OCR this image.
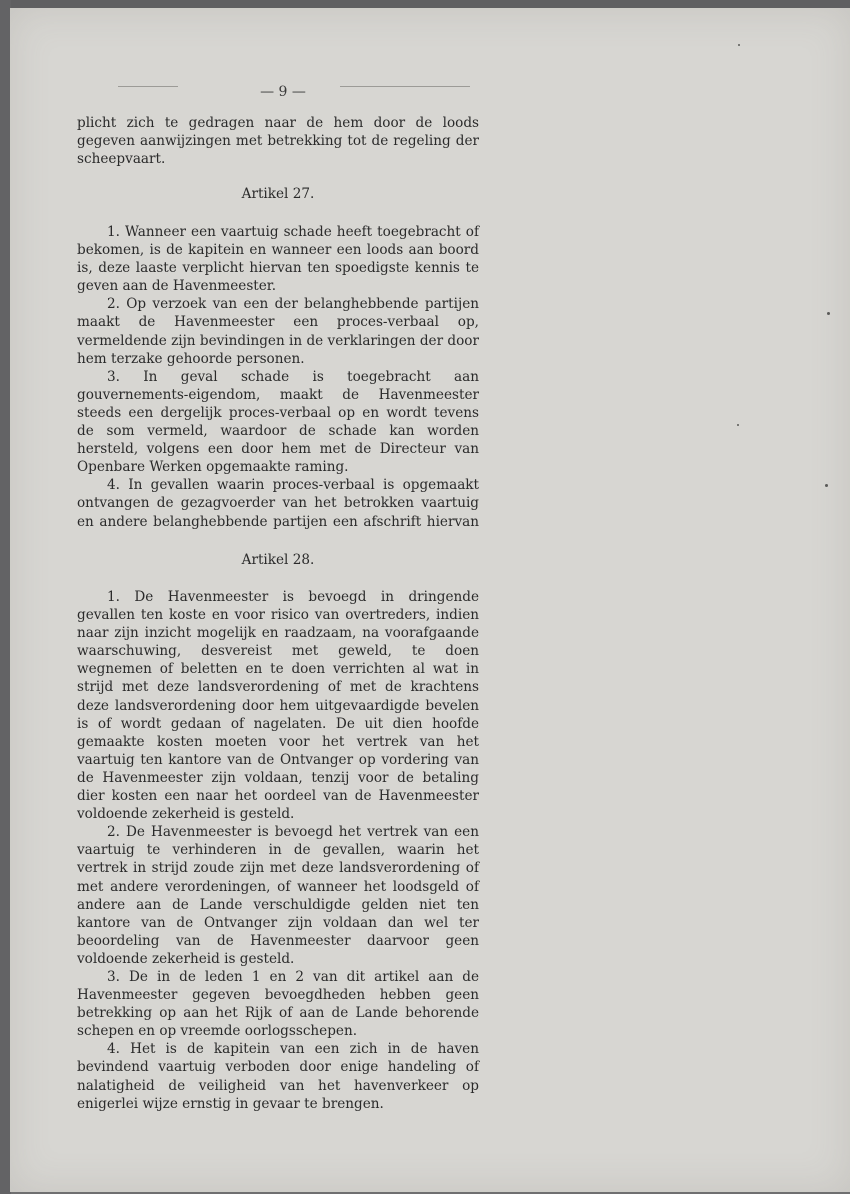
— 9 —

plicht zich te gedragen naar de hem door de loods gegeven aanwijzingen met betrekking tot de regeling der scheepvaart.

Artikel 27.

1. Wanneer een vaartuig schade heeft toegebracht of bekomen, is de kapitein en wanneer een loods aan boord is, deze laaste verplicht hiervan ten spoedigste kennis te geven aan de Havenmeester.

2. Op verzoek van een der belanghebbende partijen maakt de Havenmeester een proces-verbaal op, vermeldende zijn bevindingen in de verklaringen der door hem terzake gehoorde personen.

3. In geval schade is toegebracht aan gouvernements-eigendom, maakt de Havenmeester steeds een dergelijk proces-verbaal op en wordt tevens de som vermeld, waardoor de schade kan worden hersteld, volgens een door hem met de Directeur van Openbare Werken opgemaakte raming.

4. In gevallen waarin proces-verbaal is opgemaakt ontvangen de gezagvoerder van het betrokken vaartuig en andere belanghebbende partijen een afschrift hiervan

Artikel 28.

1. De Havenmeester is bevoegd in dringende gevallen ten koste en voor risico van overtreders, indien naar zijn inzicht mogelijk en raadzaam, na voorafgaande waarschuwing, desvereist met geweld, te doen wegnemen of beletten en te doen verrichten al wat in strijd met deze landsverordening of met de krachtens deze landsverordening door hem uitgevaardigde bevelen is of wordt gedaan of nagelaten. De uit dien hoofde gemaakte kosten moeten voor het vertrek van het vaartuig ten kantore van de Ontvanger op vordering van de Havenmeester zijn voldaan, tenzij voor de betaling dier kosten een naar het oordeel van de Havenmeester voldoende zekerheid is gesteld.

2. De Havenmeester is bevoegd het vertrek van een vaartuig te verhinderen in de gevallen, waarin het vertrek in strijd zoude zijn met deze landsverordening of met andere verordeningen, of wanneer het loodsgeld of andere aan de Lande verschuldigde gelden niet ten kantore van de Ontvanger zijn voldaan dan wel ter beoordeling van de Havenmeester daarvoor geen voldoende zekerheid is gesteld.

3. De in de leden 1 en 2 van dit artikel aan de Havenmeester gegeven bevoegdheden hebben geen betrekking op aan het Rijk of aan de Lande behorende schepen en op vreemde oorlogsschepen.

4. Het is de kapitein van een zich in de haven bevindend vaartuig verboden door enige handeling of nalatigheid de veiligheid van het havenverkeer op enigerlei wijze ernstig in gevaar te brengen.
